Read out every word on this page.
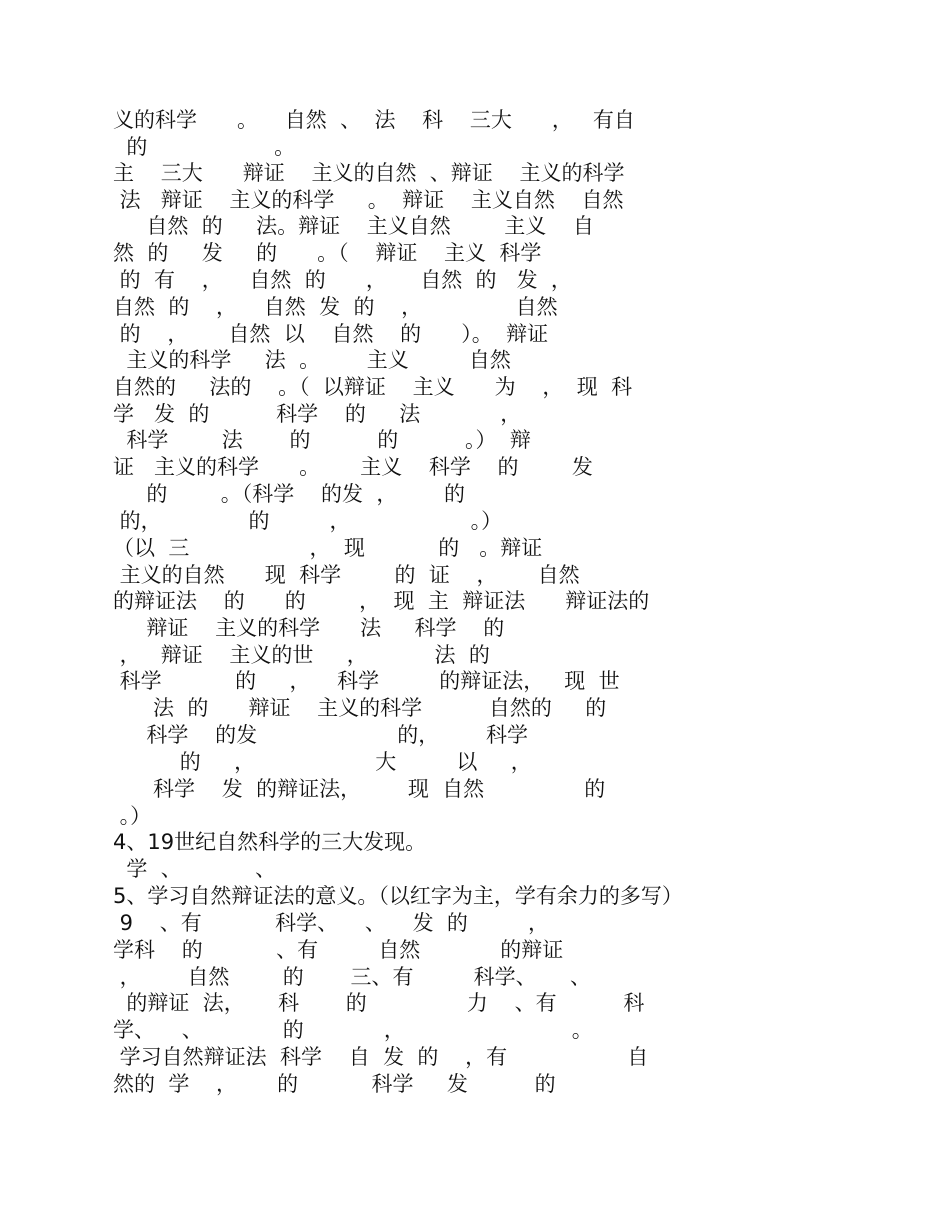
义的科学      。    自然  、  法    科    三大      ，   有自
的                   。
主    三大      辩证    主义的自然  、辩证    主义的科学
法   辩证    主义的科学     。  辩证    主义自然    自然
自然  的     法。辩证    主义自然        主义    自
然  的     发     的      。（    辩证    主义  科学
的  有    ，    自然  的      ，     自然  的   发  ，
自然  的    ，    自然  发  的    ，              自然
的    ，      自然  以    自然    的      ）。  辩证
主义的科学     法  。       主义         自然
自然的     法的    。（  以辩证    主义      为    ，  现  科
学   发  的          科学    的     法            ，
科学        法       的          的          。）  辩
证   主义的科学      。      主义    科学    的        发
的        。（科学    的发  ，       的
的，             的         ，                  。）
（以  三                  ，  现           的   。辩证
主义的自然      现  科学        的  证    ，      自然
的辩证法    的      的        ，  现  主  辩证法      辩证法的
辩证    主义的科学      法     科学    的
，   辩证    主义的世     ，          法  的
科学           的     ，    科学         的辩证法，   现  世
法  的      辩证    主义的科学          自然的     的
科学    的发                     的，       科学
的     ，                  大         以     ，
科学    发  的辩证法，       现  自然               的
。）
4、19世纪自然科学的三大发现。
学  、           、
5、学习自然辩证法的意义。（以红字为主，学有余力的多写）
9    、有           科学、    、    发  的         ，
学科    的           、有         自然            的辩证
，       自然        的       三、有         科学、     、
的辩证  法，     科       的               力    、有          科
学、    、            的            ，                         。
学习自然辩证法  科学    自  发  的    ，有                  自
然的  学    ，      的           科学     发          的
